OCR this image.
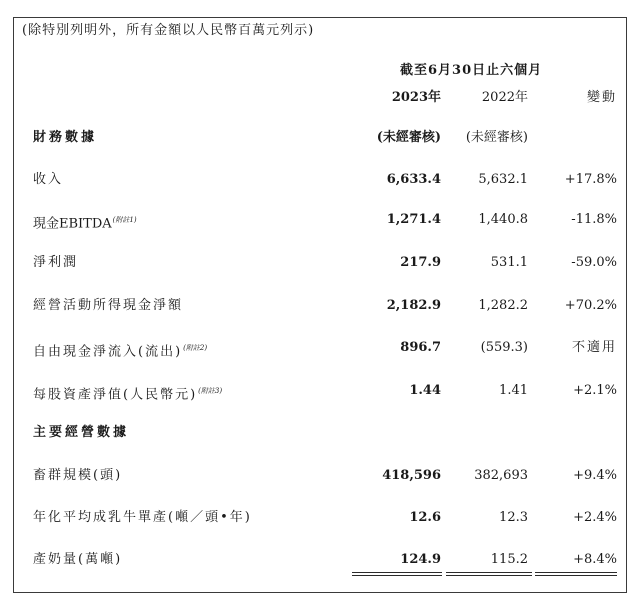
(除特別列明外，所有金額以人民幣百萬元列示)
截至6月30日止六個月
2023年	2022年	變動
財務數據	(未經審核)	(未經審核)
收入	6,633.4	5,632.1	+17.8%
現金EBITDA$^{(附註1)}$	1,271.4	1,440.8	-11.8%
淨利潤	217.9	531.1	-59.0%
經營活動所得現金淨額	2,182.9	1,282.2	+70.2%
自由現金淨流入(流出)$^{(附註2)}$	896.7	(559.3)	不適用
每股資產淨值(人民幣元)$^{(附註3)}$	1.44	1.41	+2.1%
主要經營數據
畜群規模(頭)	418,596	382,693	+9.4%
年化平均成乳牛單產(噸／頭•年)	12.6	12.3	+2.4%
產奶量(萬噸)	124.9	115.2	+8.4%
